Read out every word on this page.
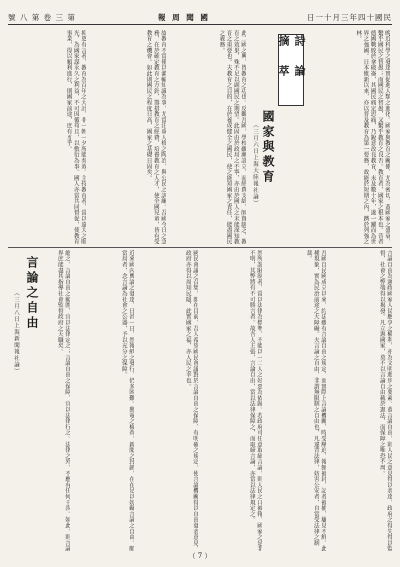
號 八 第 卷 三 第	報 周 聞 國	日一十月三年四十國民
晚近科學之發達實促進人類之進化。國家與教育之關係，尤為密切。蓋國家之盛衰，繫乎國民之智愚；而國民之智愚，又繫乎教育之良否。教育者，國家之根本也。昔者德國戰敗於拿破崙，其國民痛定思痛，乃銳意改良教育，未及數十年，遂一躍而為世界之強國。日本維新以來，亦以普及教育為第一要務，故能於短期之內，躋於列強之林。
詩 論 摘 萃
國家與教育
（三月六日上海大陸報社論）
此二國之興，皆教育之功也。反觀吾國，學校雖漸設立，而經費支絀，師資缺乏，教育之效果，殊不足以副國民之期望。此固由於政局之不寧，亦由於國人之未能深知教育之重要也。夫教育之目的，在於養成健全之國民，使之能知國家之責任，能盡國民之義務。
故教育不當僅以灌輸知識為事，尤當注重人格之陶冶，與公民之訓練。吾國今日之急務，在於確定教育之方針，籌措教育之經費，培養教育之人才，使全國兒童，皆有受教育之機會。如此則國民之程度日高，國家之基礎日固矣。
抑更有言者，教育為百年之大計，非一朝一夕所能奏效。主持教育者，當以遠大之眼光，為國家謀永久之利益，不可因循苟且，以敷衍為事。國人亦當共同督促，使教育事業，得以順利進行，則國家前途，庶有豸乎。
言論自由為憲政國家人民應享之權利，亦為文明進步之要素。蓋言論自由，則人民之意見得以表達，政府之得失得以監督，社會之弊端得以揭發。凡立憲國家，莫不以言論自由載於憲法，而保障之唯恐不周。
吾國自民國成立以來，約法雖有言論自由之規定，而實際上言論機關，時受壓迫，報館被封，記者被捕，屢見不鮮。此種現象，實為民治前途之大障礙。夫言論之自由，非謂無限制之自由也，凡違背法律，妨害公安者，自當受法律之制裁。
然所謂限制者，當以法律為標準，不能以一二人之好惡為依歸。若政府可任意取締言論，則人民之口被箝，國家之是非不明，其弊將有不可勝言者。故吾人主張，言論自由，當以法律保障之，而取締言論，亦當以法律規定之。
國民會議之召集，即在目前，吾人希望國民會議對於言論自由之保障，有明確之規定，使言論機關得以自由發表意見，政府亦得以周知民隱，此實國家之福，亦人民之幸也。
近來國內輿論之發達，日甚一日，然報紙之發行，仍多困難。郵電之檢查，新聞之封鎖，在在足以妨礙言論之自由。願當局者，念言論為社會之公器，予以充分之保障。
總之，言論自由之範圍，宜以法律定之；言論自由之保障，宜以法律行之。法律之外，不應有任何干涉。如此，則言論界庶能盡其指導社會監督政府之天職矣。
言論之自由
（三月八日上海新聞報社論）
（ 7 ）
